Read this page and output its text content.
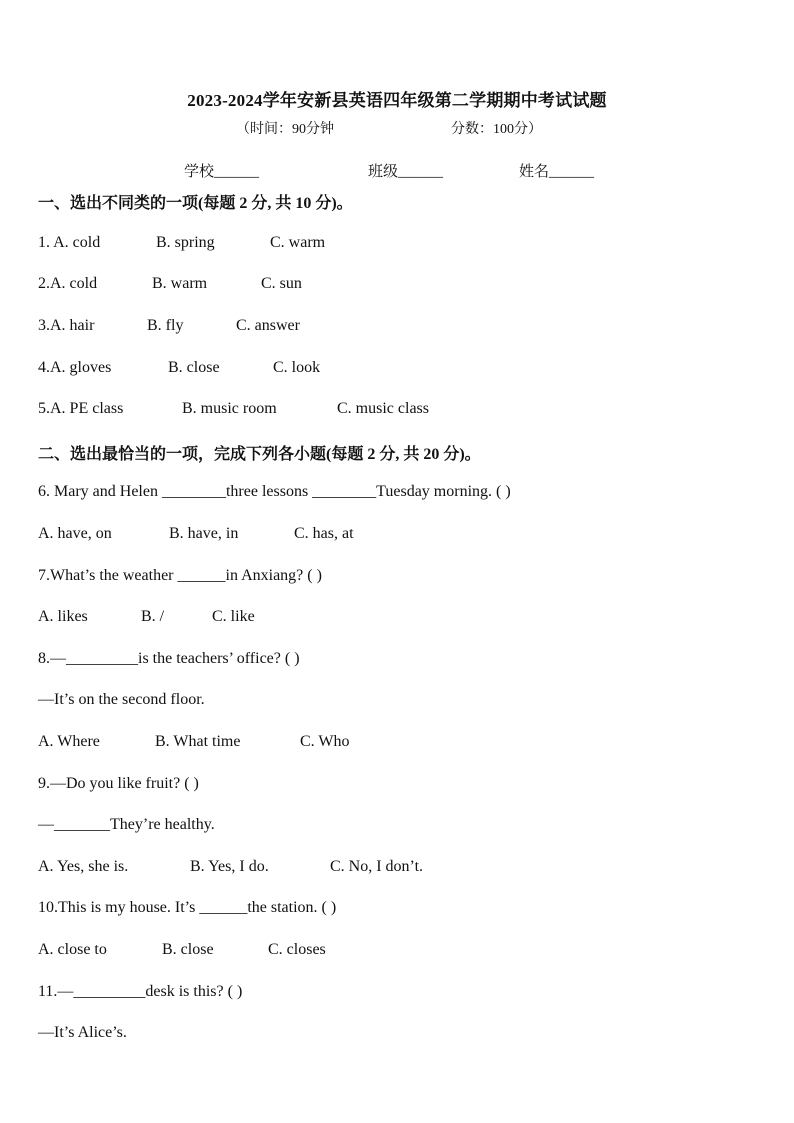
2023-2024学年安新县英语四年级第二学期期中考试试题
（时间：90分钟	分数：100分）
学校______	班级______	姓名______
一、选出不同类的一项(每题 2 分, 共 10 分)。
1. A. cold	B. spring	C. warm
2.A. cold	B. warm	C. sun
3.A. hair	B. fly	C. answer
4.A. gloves	B. close	C. look
5.A. PE class	B. music room	C. music class
二、选出最恰当的一项，完成下列各小题(每题 2 分, 共 20 分)。
6. Mary and Helen ________three lessons ________Tuesday morning. ( )
A. have, on	B. have, in	C. has, at
7.What’s the weather ______in Anxiang? ( )
A. likes	B. /	C. like
8.—_________is the teachers’ office? ( )
—It’s on the second floor.
A. Where	B. What time	C. Who
9.—Do you like fruit? ( )
—_______They’re healthy.
A. Yes, she is.	B. Yes, I do.	C. No, I don’t.
10.This is my house. It’s ______the station. ( )
A. close to	B. close	C. closes
11.—_________desk is this? ( )
—It’s Alice’s.
